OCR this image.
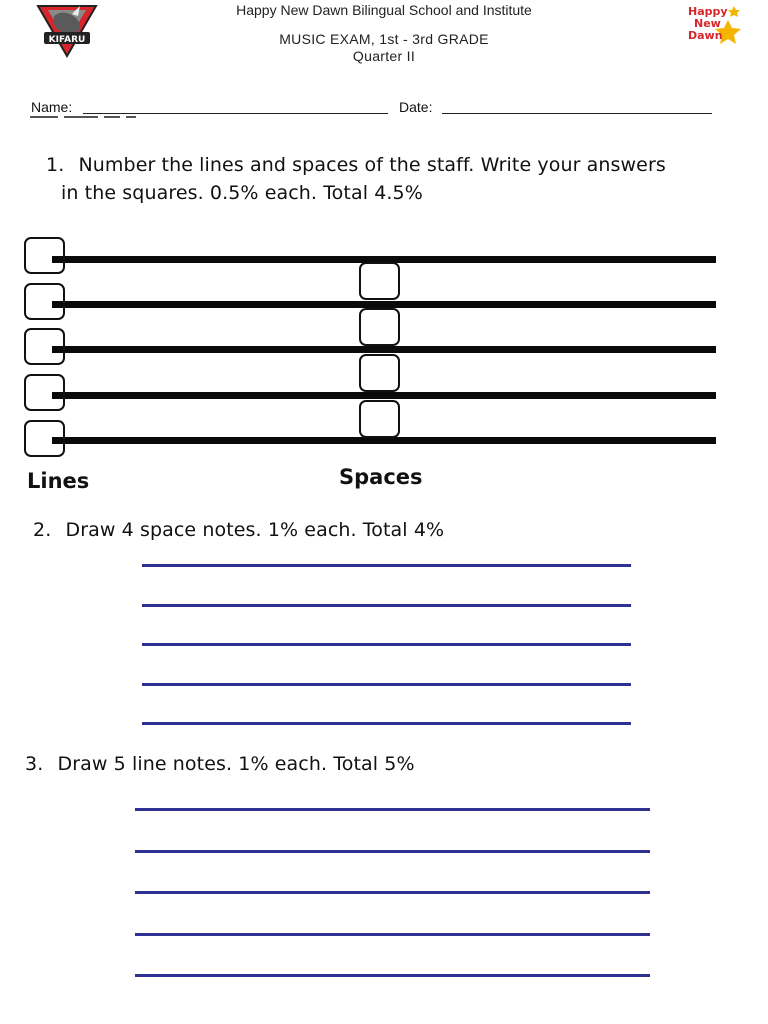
KIFARU
Happy
New
Dawn
Happy New Dawn Bilingual School and Institute
MUSIC EXAM, 1st - 3rd GRADE
Quarter II
Name:	Date:
1. Number the lines and spaces of the staff. Write your answers
in the squares. 0.5% each. Total 4.5%
Lines	Spaces
2. Draw 4 space notes. 1% each. Total 4%
3. Draw 5 line notes. 1% each. Total 5%
